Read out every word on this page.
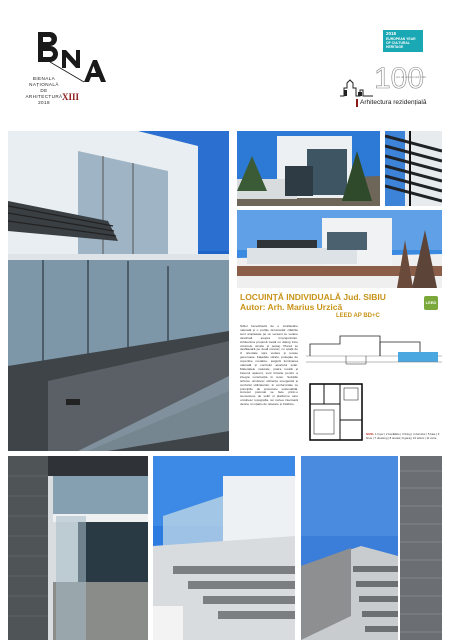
BIENALA
NAȚIONALĂ
DE
ARHITECTURĂ
2018
XIII
2018
EUROPEAN YEAR
OF CULTURAL
HERITAGE
100
ani de arhitectură în R
Arhitectura rezidențială
LOCUINȚĂ INDIVIDUALĂ Jud. SIBIU
Autor: Arh. Marius Urzică
LEED AP BD+C
LEED AP
Sibiul beneficiază de o similitudine naturală și o poziție dominantă: clădirile sunt amplasate pe un versant cu vedere deschisă asupra împrejurimilor. Arhitectura propusă caută un dialog între volumele simple și peisaj. Planul se desfășoară pe două niveluri, cu spații de zi orientate spre vedere și terase generoase. Fațadele vitrate, protejate de copertine metalice, asigură iluminarea naturală și controlul aportului solar. Materialele naturale, piatra locală și betonul aparent, sunt folosite pentru a integra construcția în teren. Soluțiile tehnice urmăresc eficiența energetică și confortul utilizatorilor, în conformitate cu principiile de proiectare sustenabilă. Accesul pietonal se face printr-o succesiune de scări și platforme care urmăresc topografia, iar curtea interioară devine un spațiu de relaxare și întâlnire.
NIVEL 1 foyer | 2 bucătărie | 3 living | 4 dormitor | 5 baie | 6 birou | 7 dressing | 8 terasă | 9 garaj | 10 tehnic | 11 curte
